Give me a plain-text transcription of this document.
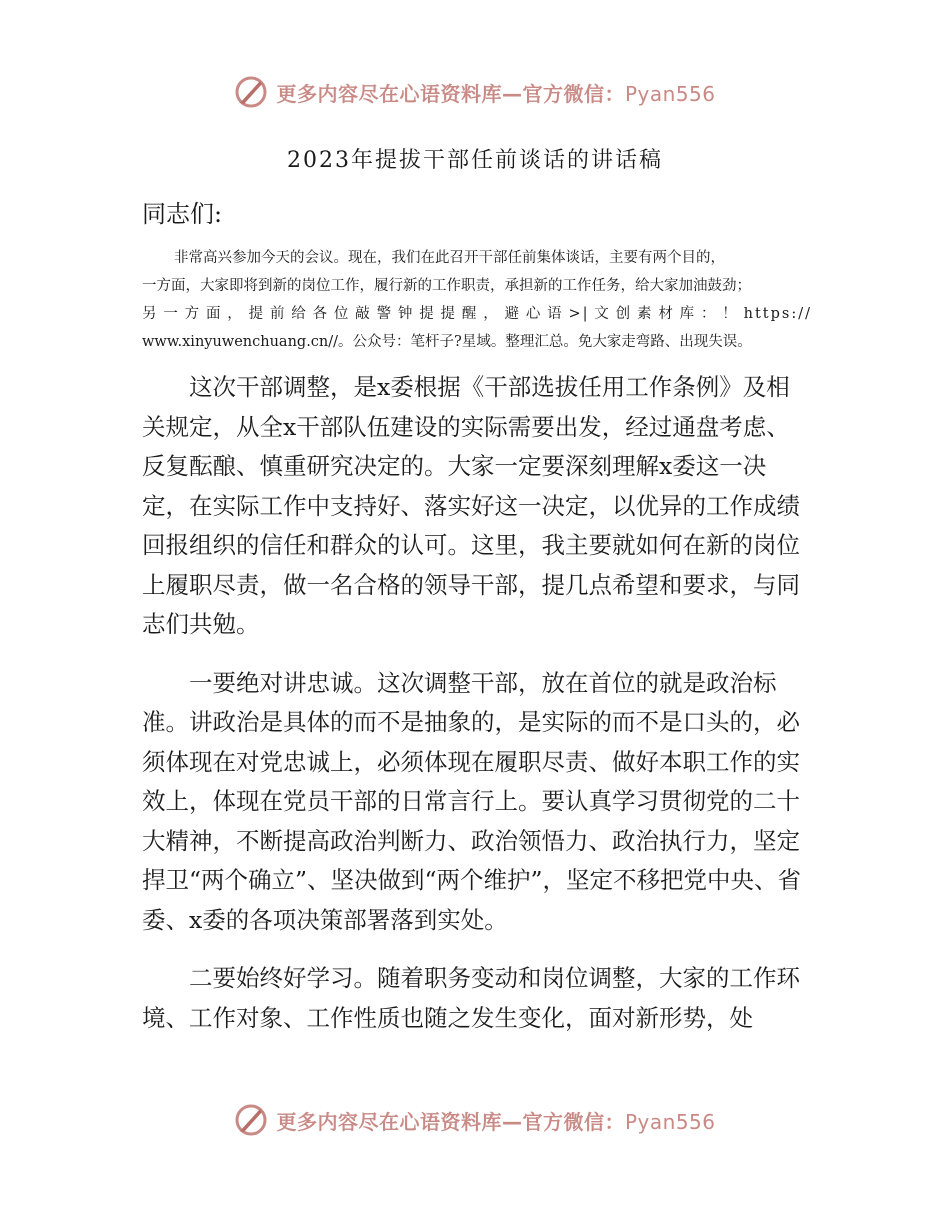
更多内容尽在心语资料库—官方微信：Pyan556
2023年提拔干部任前谈话的讲话稿
同志们:

非常高兴参加今天的会议。现在，我们在此召开干部任前集体谈话，主要有两个目的，

一方面，大家即将到新的岗位工作，履行新的工作职责，承担新的工作任务，给大家加油鼓劲；

另一方面，提前给各位敲警钟提提醒，避心语>|文创素材库：！https://

www.xinyuwenchuang.cn//。公众号：笔杆子?星域。整理汇总。免大家走弯路、出现失误。

这次干部调整，是x委根据《干部选拔任用工作条例》及相关规定，从全x干部队伍建设的实际需要出发，经过通盘考虑、反复酝酿、慎重研究决定的。大家一定要深刻理解x委这一决定，在实际工作中支持好、落实好这一决定，以优异的工作成绩回报组织的信任和群众的认可。这里，我主要就如何在新的岗位上履职尽责，做一名合格的领导干部，提几点希望和要求，与同志们共勉。

一要绝对讲忠诚。这次调整干部，放在首位的就是政治标准。讲政治是具体的而不是抽象的，是实际的而不是口头的，必须体现在对党忠诚上，必须体现在履职尽责、做好本职工作的实效上，体现在党员干部的日常言行上。要认真学习贯彻党的二十大精神，不断提高政治判断力、政治领悟力、政治执行力，坚定捍卫“两个确立”、坚决做到“两个维护”，坚定不移把党中央、省委、x委的各项决策部署落到实处。

二要始终好学习。随着职务变动和岗位调整，大家的工作环境、工作对象、工作性质也随之发生变化，面对新形势，处

更多内容尽在心语资料库—官方微信：Pyan556
